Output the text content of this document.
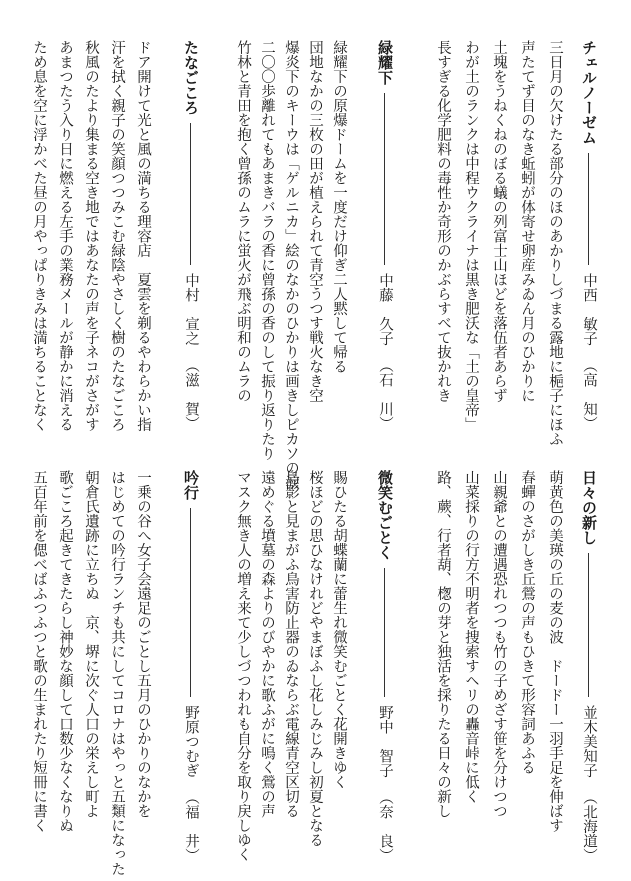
チェルノーゼム
中西　敏子
（高　知）
三日月の欠けたる部分のほのあかりしづまる露地に梔子にほふ
声たてず目のなき蚯蚓が体寄せ卵産みゐん月のひかりに
土塊をうねくねのぼる蟻の列富士山ほどを落伍者あらず
わが土のランクは中程ウクライナは黒き肥沃な「土の皇帝」
長すぎる化学肥料の毒性か奇形のかぶらすべて抜かれき
緑耀下
中藤　久子
（石　川）
緑耀下の原爆ドームを一度だけ仰ぎ二人黙して帰る
団地なかの三枚の田が植えられて青空うつす戦火なき空
爆炎下のキーウは「ゲルニカ」絵のなかのひかりは画きしピカソの涙
二〇〇歩離れてもあまきバラの香に曾孫の香のして振り返りたり
竹林と青田を抱く曾孫のムラに蛍火が飛ぶ明和のムラの
たなごころ
中村　宣之
（滋　賀）
ドア開けて光と風の満ちる理容店　夏雲を剃るやわらかい指
汗を拭く親子の笑顔つつみこむ緑陰やさしく樹のたなごころ
秋風のたより集まる空き地ではあなたの声を子ネコがさがす
あまつたう入り日に燃える左手の業務メールが静かに消える
ため息を空に浮かべた昼の月やっぱりきみは満ちることなく
日々の新し
並木美知子
（北海道）
萌黄色の美瑛の丘の麦の波　ドードー一羽手足を伸ばす
春蟬のさがしき丘鶯の声もひきて形容詞あふる
山親爺との遭遇恐れつつも竹の子めざす笹を分けつつ
山菜採りの行方不明者を捜索すヘリの轟音峠に低く
路、蕨、行者葫、楤の芽と独活を採りたる日々の新し
微笑むごとく
野中　智子
（奈　良）
賜ひたる胡蝶蘭に蕾生れ微笑むごとく花開きゆく
桜ほどの思ひなけれどやまぼふし花しみじみし初夏となる
鳥影と見まがふ鳥害防止器のゐならぶ電線青空区切る
遠めぐる墳墓の森よりのびやかに歌ふがに鳴く鶯の声
マスク無き人の増え来て少しづつわれも自分を取り戻しゆく
吟行
野原つむぎ
（福　井）
一乗の谷へ女子会遠足のごとし五月のひかりのなかを
はじめての吟行ランチも共にしてコロナはやっと五類になった
朝倉氏遺跡に立ちぬ　京、堺に次ぐ人口の栄えし町よ
歌ごころ起きてきたらし神妙な顔して口数少なくなりぬ
五百年前を偲べばふつふつと歌の生まれたり短冊に書く
